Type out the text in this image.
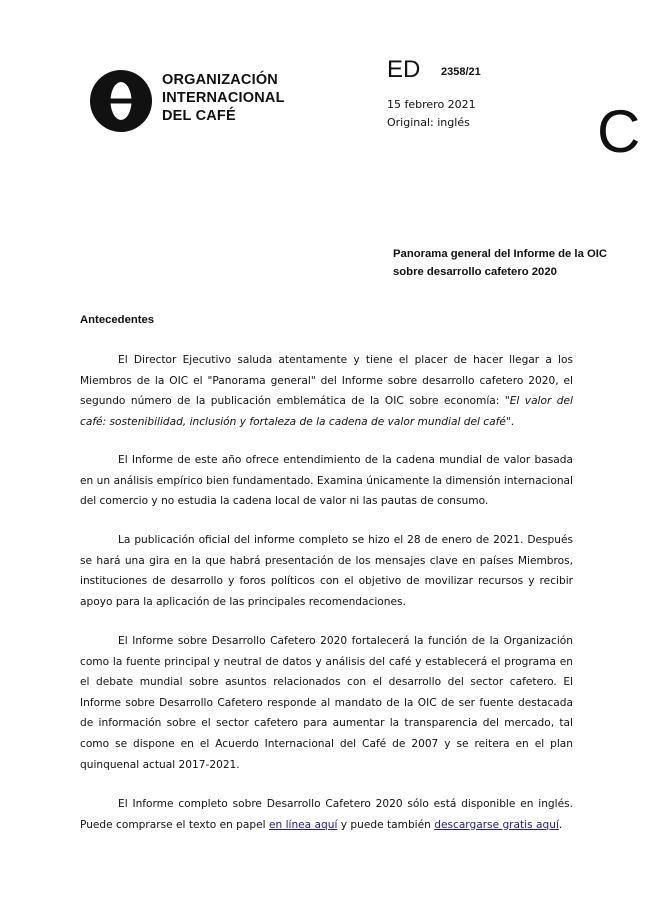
ORGANIZACIÓN
INTERNACIONAL
DEL CAFÉ
ED 2358/21
15 febrero 2021
Original: inglés C
Panorama general del Informe de la OIC
sobre desarrollo cafetero 2020
Antecedentes

El Director Ejecutivo saluda atentamente y tiene el placer de hacer llegar a los Miembros de la OIC el "Panorama general" del Informe sobre desarrollo cafetero 2020, el segundo número de la publicación emblemática de la OIC sobre economía: "El valor del café: sostenibilidad, inclusión y fortaleza de la cadena de valor mundial del café".

El Informe de este año ofrece entendimiento de la cadena mundial de valor basada en un análisis empírico bien fundamentado. Examina únicamente la dimensión internacional del comercio y no estudia la cadena local de valor ni las pautas de consumo.

La publicación oficial del informe completo se hizo el 28 de enero de 2021. Después se hará una gira en la que habrá presentación de los mensajes clave en países Miembros, instituciones de desarrollo y foros políticos con el objetivo de movilizar recursos y recibir apoyo para la aplicación de las principales recomendaciones.

El Informe sobre Desarrollo Cafetero 2020 fortalecerá la función de la Organización como la fuente principal y neutral de datos y análisis del café y establecerá el programa en el debate mundial sobre asuntos relacionados con el desarrollo del sector cafetero. El Informe sobre Desarrollo Cafetero responde al mandato de la OIC de ser fuente destacada de información sobre el sector cafetero para aumentar la transparencia del mercado, tal como se dispone en el Acuerdo Internacional del Café de 2007 y se reitera en el plan quinquenal actual 2017-2021.

El Informe completo sobre Desarrollo Cafetero 2020 sólo está disponible en inglés. Puede comprarse el texto en papel en línea aquí y puede también descargarse gratis aquí.
